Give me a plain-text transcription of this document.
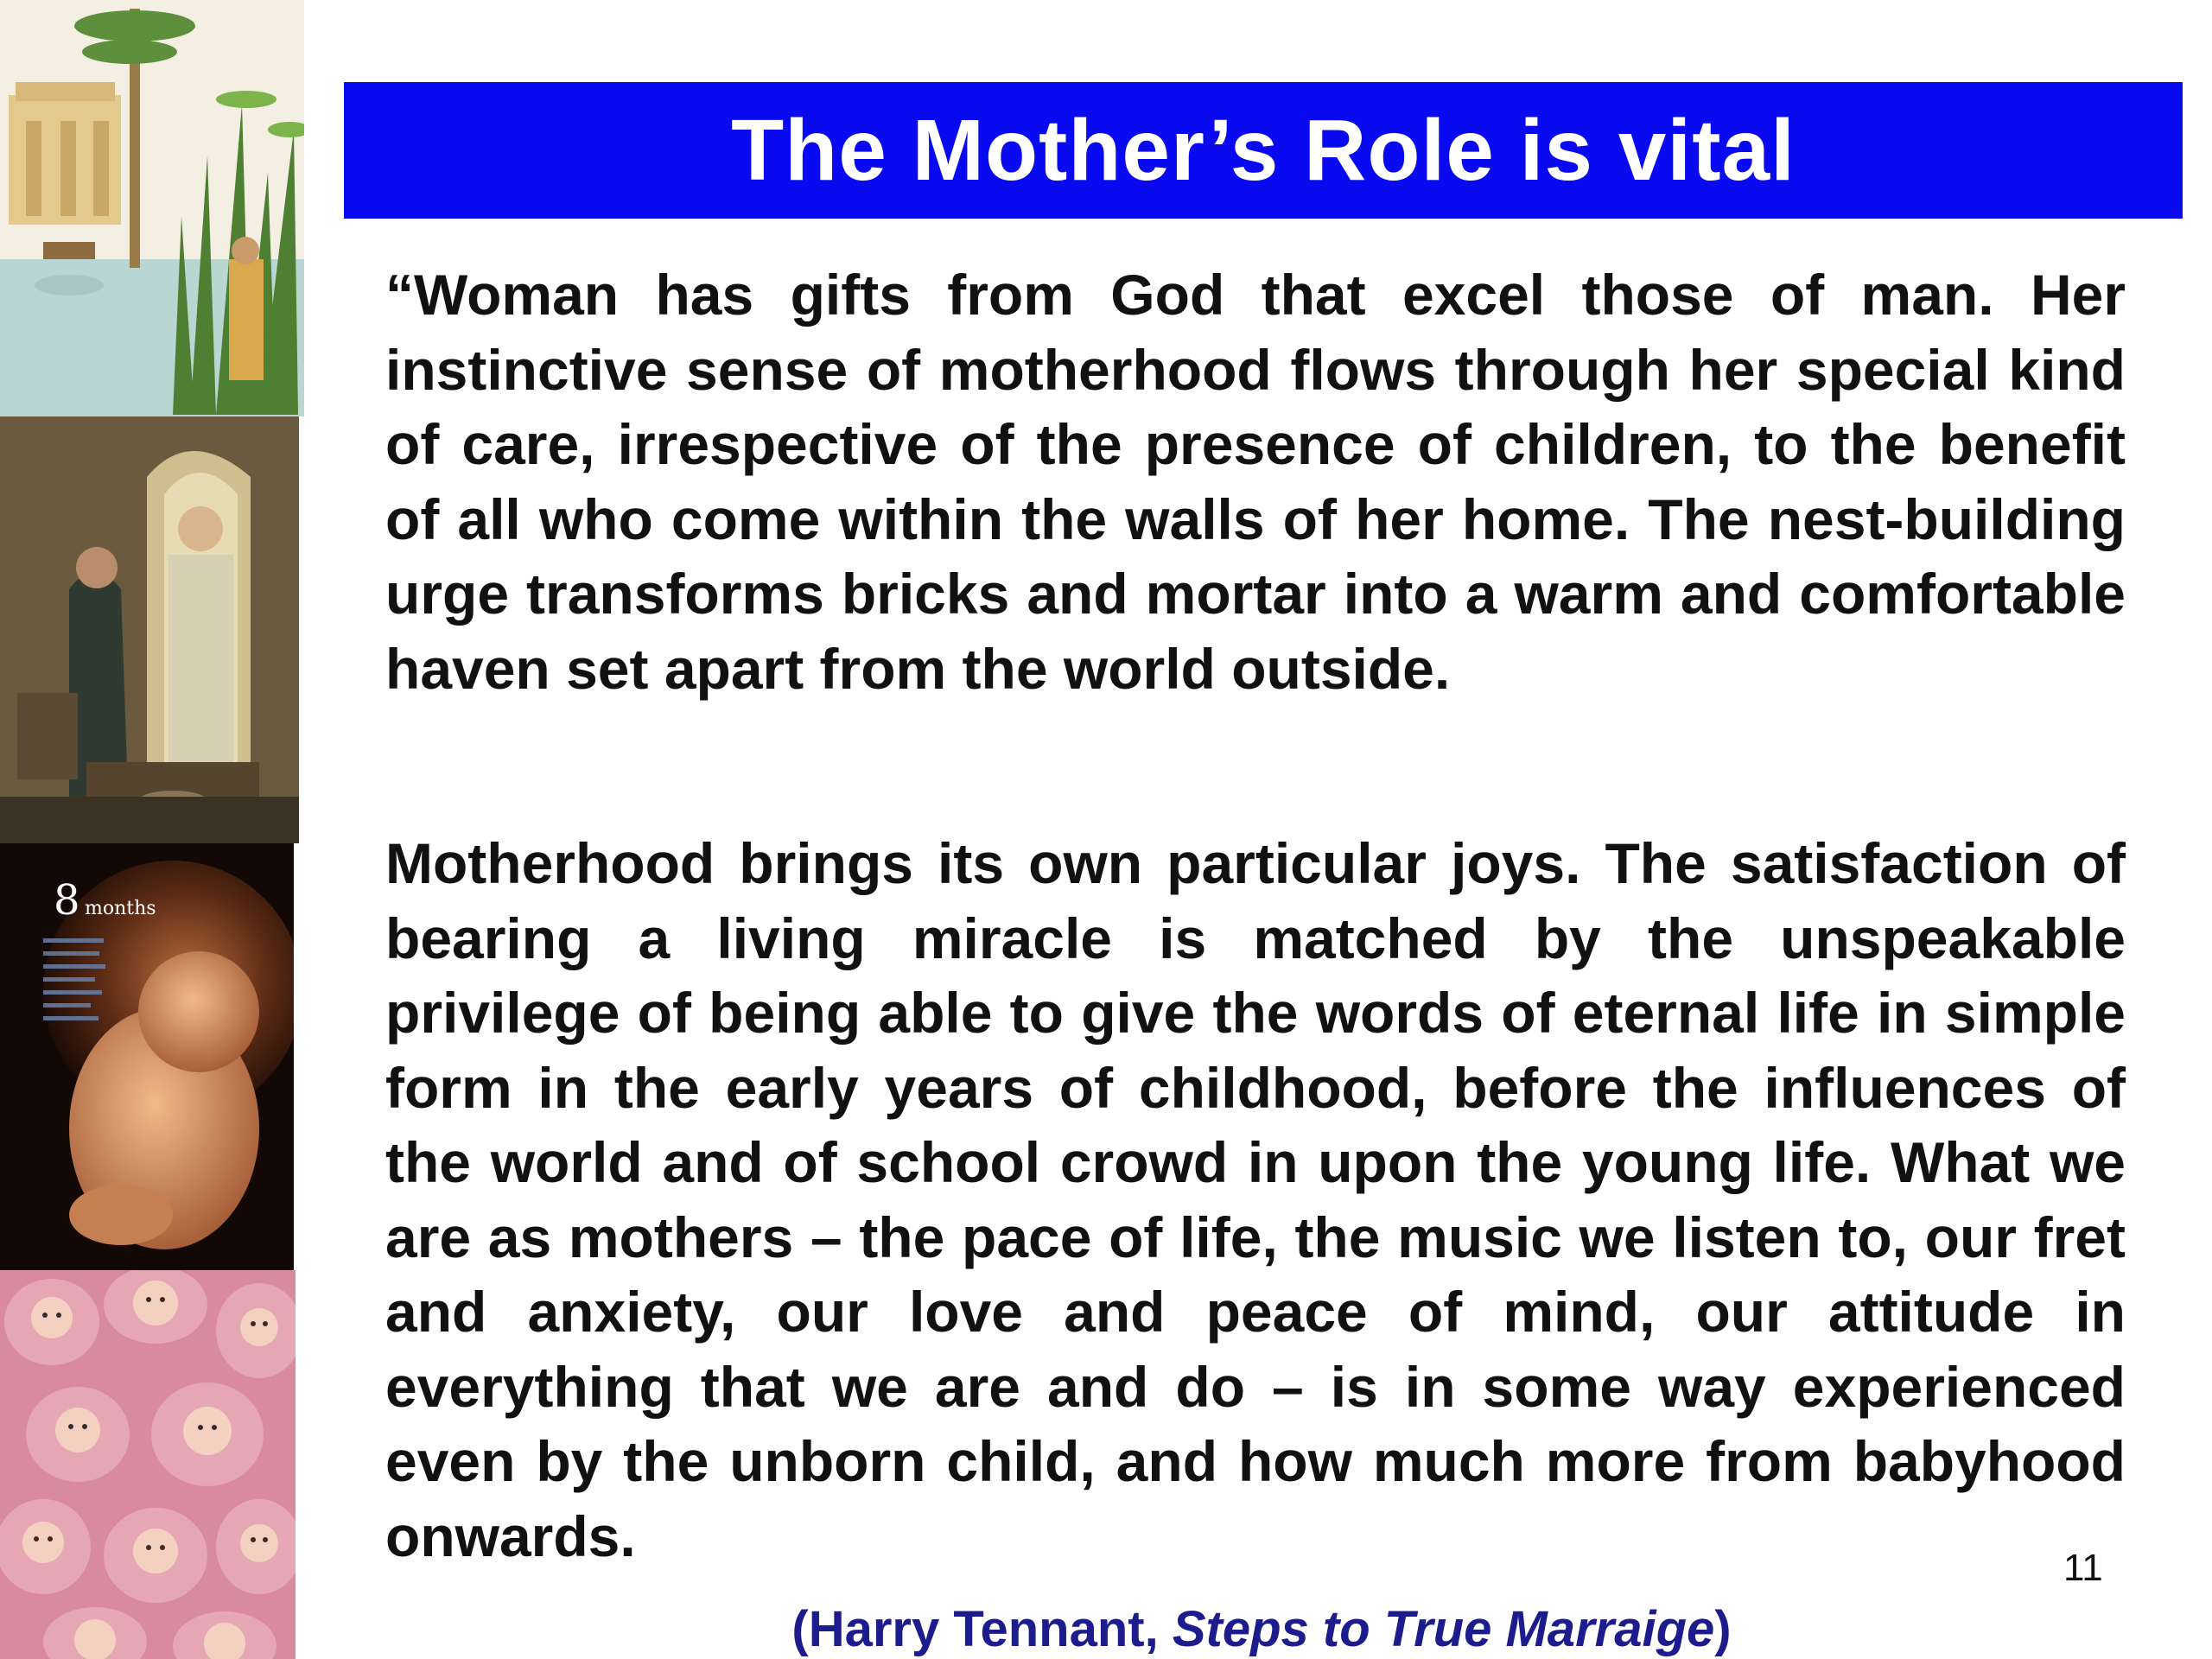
8 months
The Mother’s Role is vital

“Woman has gifts from God that excel those of man. Her instinctive sense of motherhood flows through her special kind of care, irrespective of the presence of children, to the benefit of all who come within the walls of her home. The nest-building urge transforms bricks and mortar into a warm and comfortable haven set apart from the world outside.

Motherhood brings its own particular joys. The satisfaction of bearing a living miracle is matched by the unspeakable privilege of being able to give the words of eternal life in simple form in the early years of childhood, before the influences of the world and of school crowd in upon the young life. What we are as mothers – the pace of life, the music we listen to, our fret and anxiety, our love and peace of mind, our attitude in everything that we are and do – is in some way experienced even by the unborn child, and how much more from babyhood onwards.	11
(Harry Tennant, Steps to True Marraige)
